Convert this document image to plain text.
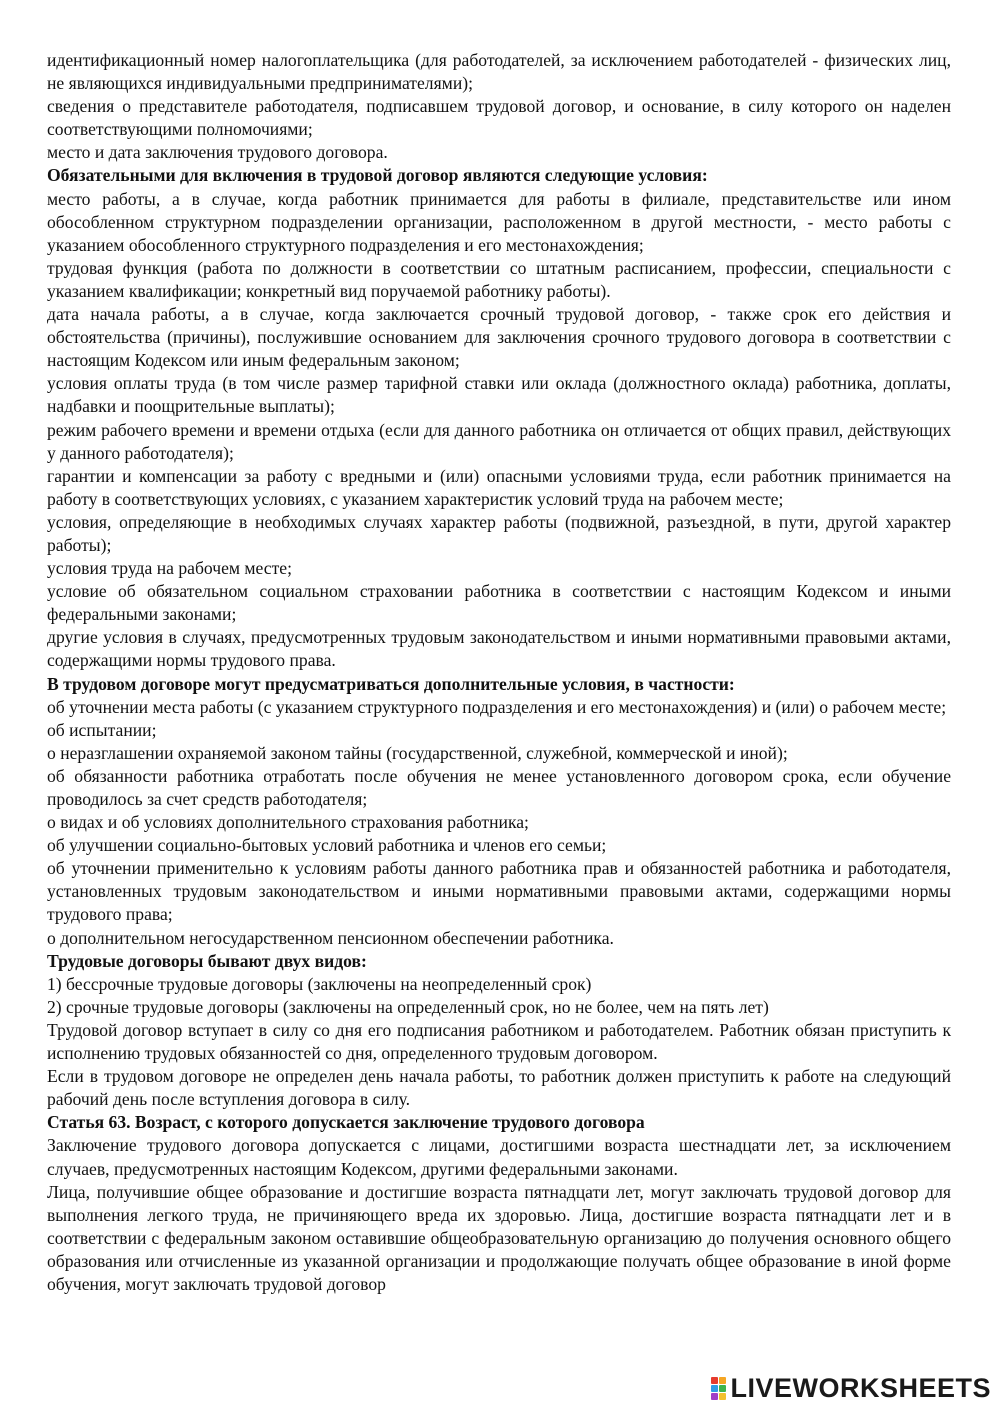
идентификационный номер налогоплательщика (для работодателей, за исключением работодателей - физических лиц, не являющихся индивидуальными предпринимателями);

сведения о представителе работодателя, подписавшем трудовой договор, и основание, в силу которого он наделен соответствующими полномочиями;

место и дата заключения трудового договора.

Обязательными для включения в трудовой договор являются следующие условия:

место работы, а в случае, когда работник принимается для работы в филиале, представительстве или ином обособленном структурном подразделении организации, расположенном в другой местности, - место работы с указанием обособленного структурного подразделения и его местонахождения;

трудовая функция (работа по должности в соответствии со штатным расписанием, профессии, специальности с указанием квалификации; конкретный вид поручаемой работнику работы).

дата начала работы, а в случае, когда заключается срочный трудовой договор, - также срок его действия и обстоятельства (причины), послужившие основанием для заключения срочного трудового договора в соответствии с настоящим Кодексом или иным федеральным законом;

условия оплаты труда (в том числе размер тарифной ставки или оклада (должностного оклада) работника, доплаты, надбавки и поощрительные выплаты);

режим рабочего времени и времени отдыха (если для данного работника он отличается от общих правил, действующих у данного работодателя);

гарантии и компенсации за работу с вредными и (или) опасными условиями труда, если работник принимается на работу в соответствующих условиях, с указанием характеристик условий труда на рабочем месте;

условия, определяющие в необходимых случаях характер работы (подвижной, разъездной, в пути, другой характер работы);

условия труда на рабочем месте;

условие об обязательном социальном страховании работника в соответствии с настоящим Кодексом и иными федеральными законами;

другие условия в случаях, предусмотренных трудовым законодательством и иными нормативными правовыми актами, содержащими нормы трудового права.

В трудовом договоре могут предусматриваться дополнительные условия, в частности:

об уточнении места работы (с указанием структурного подразделения и его местонахождения) и (или) о рабочем месте;

об испытании;

о неразглашении охраняемой законом тайны (государственной, служебной, коммерческой и иной);

об обязанности работника отработать после обучения не менее установленного договором срока, если обучение проводилось за счет средств работодателя;

о видах и об условиях дополнительного страхования работника;

об улучшении социально-бытовых условий работника и членов его семьи;

об уточнении применительно к условиям работы данного работника прав и обязанностей работника и работодателя, установленных трудовым законодательством и иными нормативными правовыми актами, содержащими нормы трудового права;

о дополнительном негосударственном пенсионном обеспечении работника.

Трудовые договоры бывают двух видов:

1) бессрочные трудовые договоры (заключены на неопределенный срок)

2) срочные трудовые договоры (заключены на определенный срок, но не более, чем на пять лет)

Трудовой договор вступает в силу со дня его подписания работником и работодателем. Работник обязан приступить к исполнению трудовых обязанностей со дня, определенного трудовым договором.

Если в трудовом договоре не определен день начала работы, то работник должен приступить к работе на следующий рабочий день после вступления договора в силу.

Статья 63. Возраст, с которого допускается заключение трудового договора

Заключение трудового договора допускается с лицами, достигшими возраста шестнадцати лет, за исключением случаев, предусмотренных настоящим Кодексом, другими федеральными законами.

Лица, получившие общее образование и достигшие возраста пятнадцати лет, могут заключать трудовой договор для выполнения легкого труда, не причиняющего вреда их здоровью. Лица, достигшие возраста пятнадцати лет и в соответствии с федеральным законом оставившие общеобразовательную организацию до получения основного общего образования или отчисленные из указанной организации и продолжающие получать общее образование в иной форме обучения, могут заключать трудовой договор

LIVEWORKSHEETS
